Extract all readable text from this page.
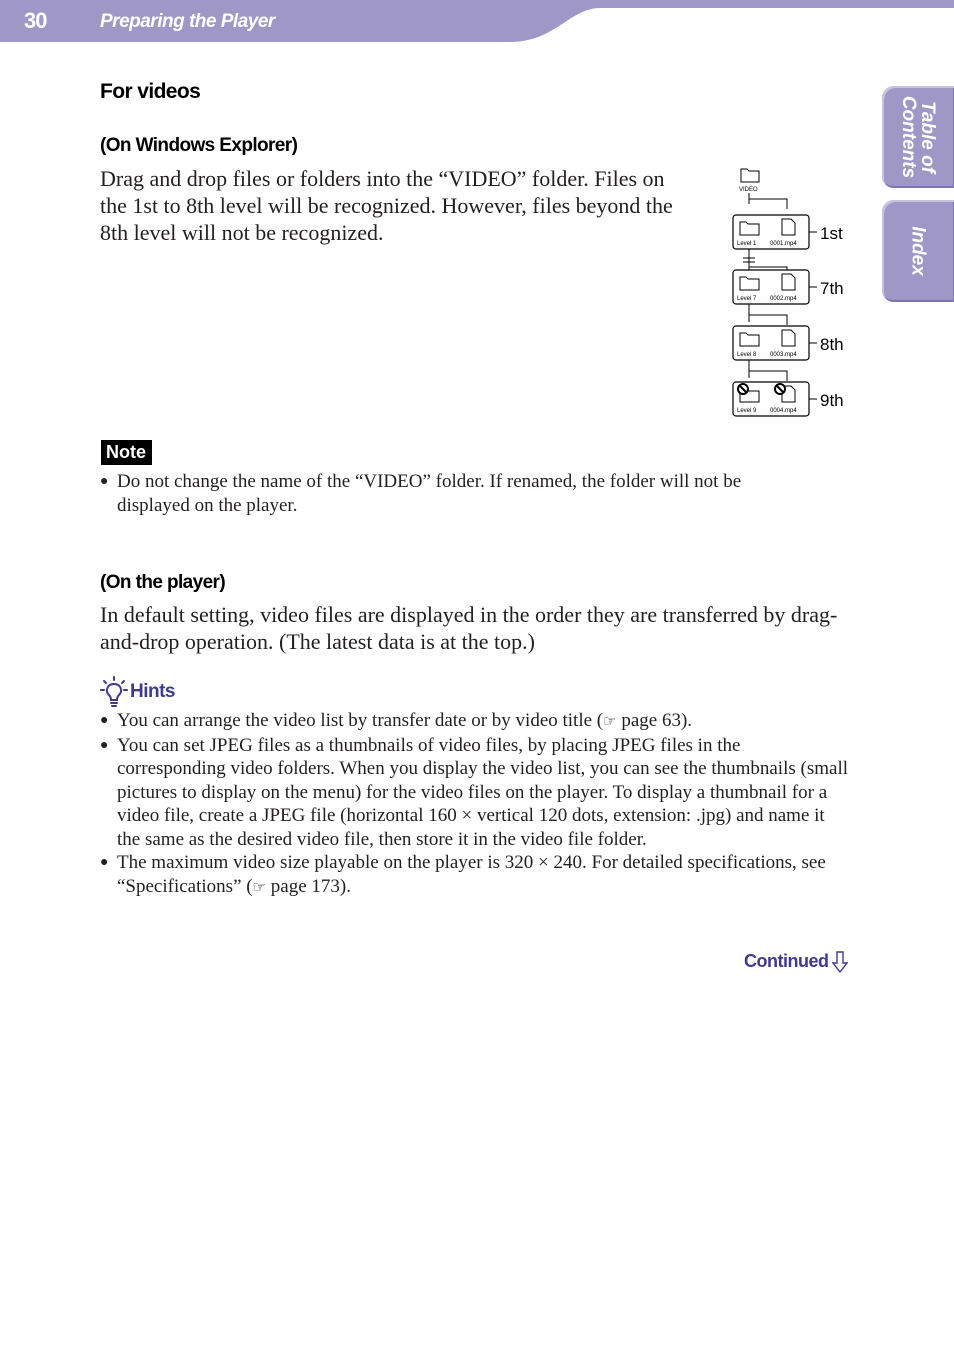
30	Preparing the Player
Table of
Contents
Index
For videos
(On Windows Explorer)
Drag and drop files or folders into the “VIDEO” folder. Files on the 1st to 8th level will be recognized. However, files beyond the 8th level will not be recognized.
VIDEO
Level 1 0001.mp4
1st
Level 7 0002.mp4
7th
Level 8 0003.mp4
8th
Level 9 0004.mp4
9th
Note
● Do not change the name of the “VIDEO” folder. If renamed, the folder will not be displayed on the player.
(On the player)
In default setting, video files are displayed in the order they are transferred by drag-and-drop operation. (The latest data is at the top.)
Hints
● You can arrange the video list by transfer date or by video title (☞ page 63).
● You can set JPEG files as a thumbnails of video files, by placing JPEG files in the corresponding video folders. When you display the video list, you can see the thumbnails (small pictures to display on the menu) for the video files on the player. To display a thumbnail for a video file, create a JPEG file (horizontal 160 × vertical 120 dots, extension: .jpg) and name it the same as the desired video file, then store it in the video file folder.
● The maximum video size playable on the player is 320 × 240. For detailed specifications, see “Specifications” (☞ page 173).
Continued
